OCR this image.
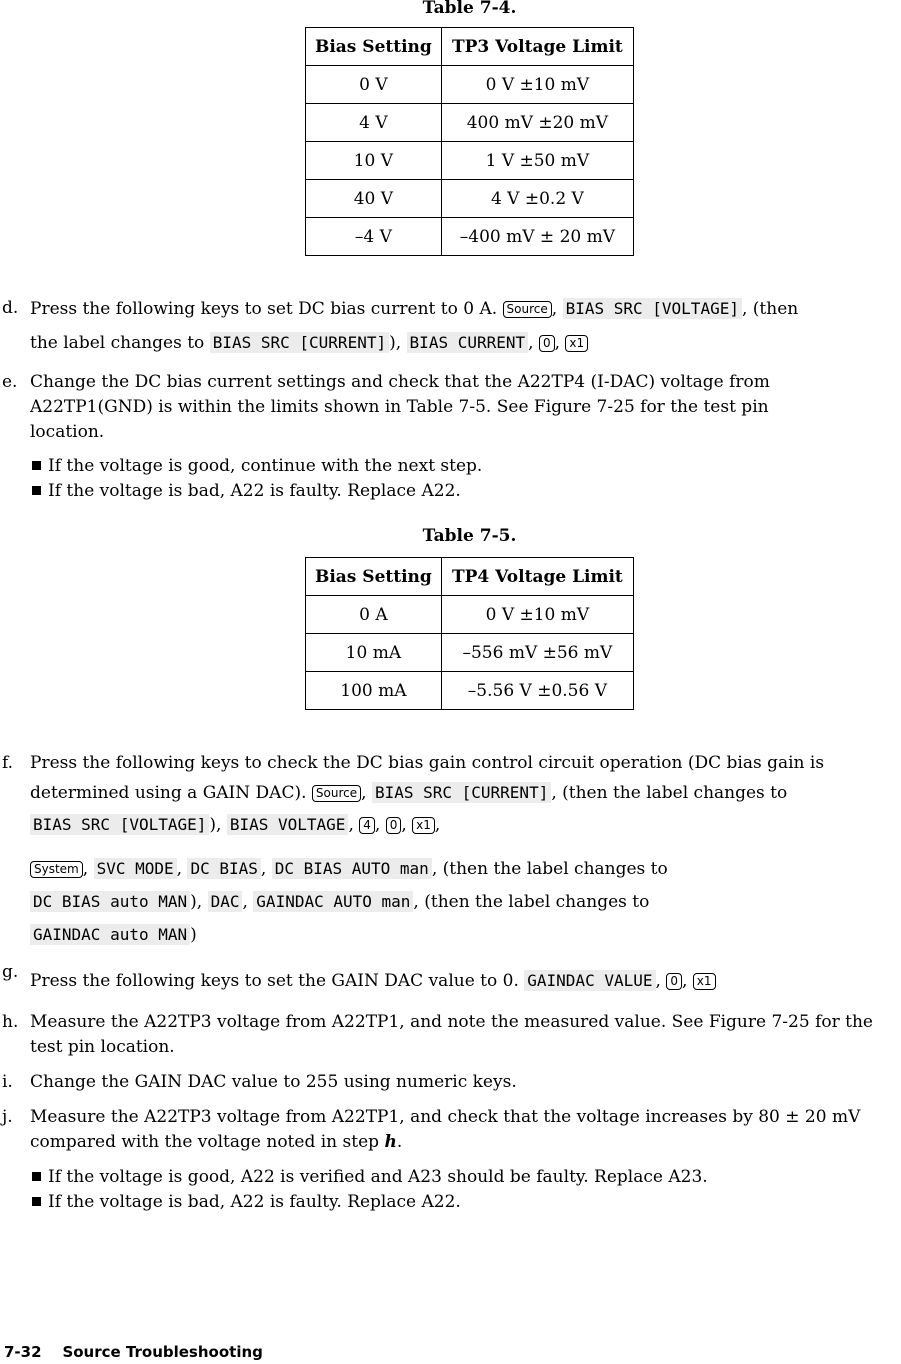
Table 7-4.
Bias Setting	TP3 Voltage Limit
0 V	0 V ±10 mV
4 V	400 mV ±20 mV
10 V	1 V ±50 mV
40 V	4 V ±0.2 V
–4 V	–400 mV ± 20 mV
d. Press the following keys to set DC bias current to 0 A. Source , BIAS SRC [VOLTAGE] , (then
the label changes to BIAS SRC [CURRENT] ), BIAS CURRENT , 0 , x1
e. Change the DC bias current settings and check that the A22TP4 (I-DAC) voltage from A22TP1(GND) is within the limits shown in Table 7-5. See Figure 7-25 for the test pin location.
If the voltage is good, continue with the next step.
If the voltage is bad, A22 is faulty. Replace A22.
Table 7-5.
Bias Setting	TP4 Voltage Limit
0 A	0 V ±10 mV
10 mA	–556 mV ±56 mV
100 mA	–5.56 V ±0.56 V
f. Press the following keys to check the DC bias gain control circuit operation (DC bias gain is
determined using a GAIN DAC). Source , BIAS SRC [CURRENT] , (then the label changes to
BIAS SRC [VOLTAGE] ), BIAS VOLTAGE , 4 , 0 , x1 ,
System , SVC MODE , DC BIAS , DC BIAS AUTO man , (then the label changes to
DC BIAS auto MAN ), DAC , GAINDAC AUTO man , (then the label changes to
GAINDAC auto MAN )
g. Press the following keys to set the GAIN DAC value to 0. GAINDAC VALUE , 0 , x1
h. Measure the A22TP3 voltage from A22TP1, and note the measured value. See Figure 7-25 for the test pin location.
i.	Change the GAIN DAC value to 255 using numeric keys.
j.	Measure the A22TP3 voltage from A22TP1, and check that the voltage increases by 80 ± 20 mV compared with the voltage noted in step h.
If the voltage is good, A22 is verified and A23 should be faulty. Replace A23.
If the voltage is bad, A22 is faulty. Replace A22.
7-32 Source Troubleshooting
